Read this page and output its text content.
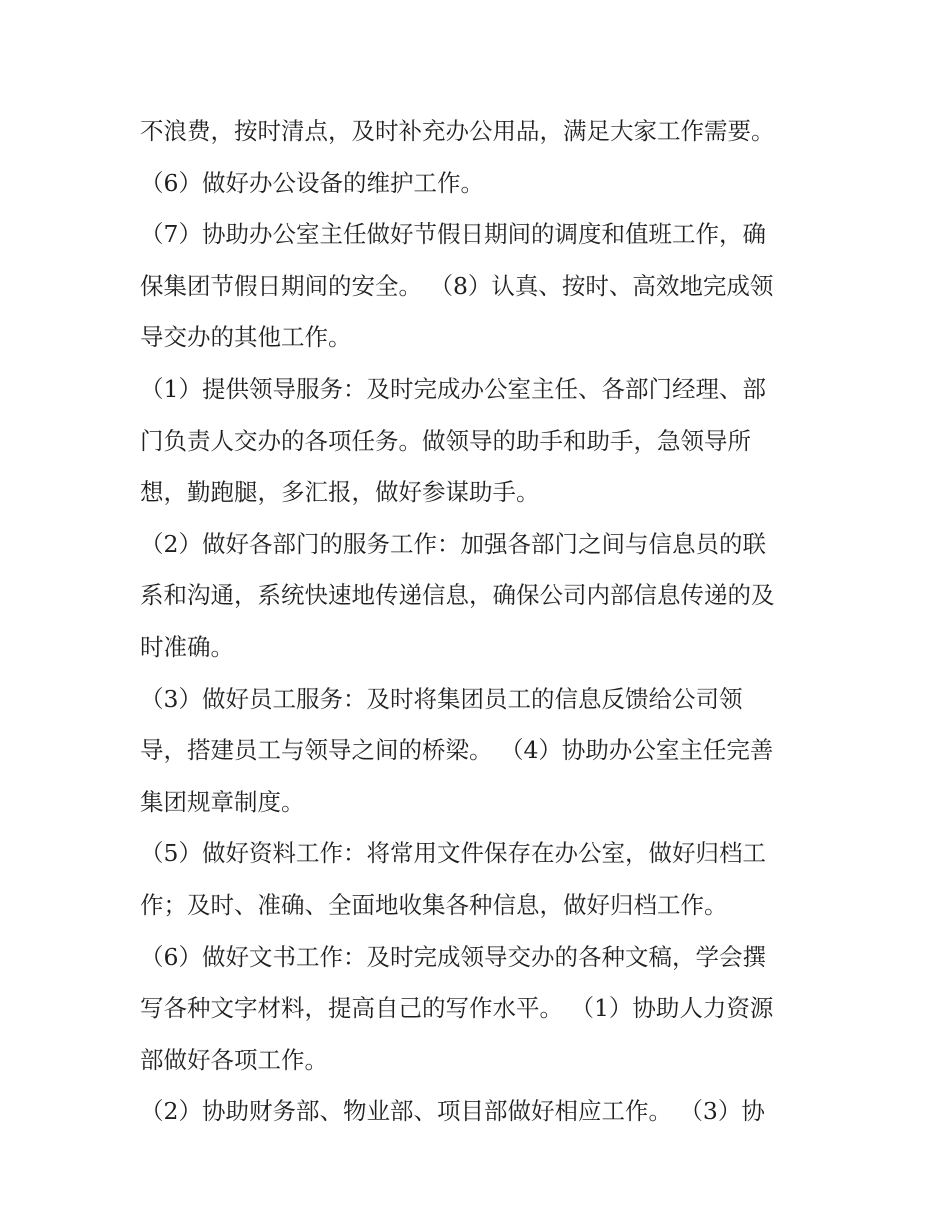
不浪费，按时清点，及时补充办公用品，满足大家工作需要。
（6）做好办公设备的维护工作。
（7）协助办公室主任做好节假日期间的调度和值班工作，确
保集团节假日期间的安全。 （8）认真、按时、高效地完成领
导交办的其他工作。
（1）提供领导服务：及时完成办公室主任、各部门经理、部
门负责人交办的各项任务。做领导的助手和助手，急领导所
想，勤跑腿，多汇报，做好参谋助手。
（2）做好各部门的服务工作：加强各部门之间与信息员的联
系和沟通，系统快速地传递信息，确保公司内部信息传递的及
时准确。
（3）做好员工服务：及时将集团员工的信息反馈给公司领
导，搭建员工与领导之间的桥梁。 （4）协助办公室主任完善
集团规章制度。
（5）做好资料工作：将常用文件保存在办公室，做好归档工
作；及时、准确、全面地收集各种信息，做好归档工作。
（6）做好文书工作：及时完成领导交办的各种文稿，学会撰
写各种文字材料，提高自己的写作水平。 （1）协助人力资源
部做好各项工作。
（2）协助财务部、物业部、项目部做好相应工作。 （3）协
